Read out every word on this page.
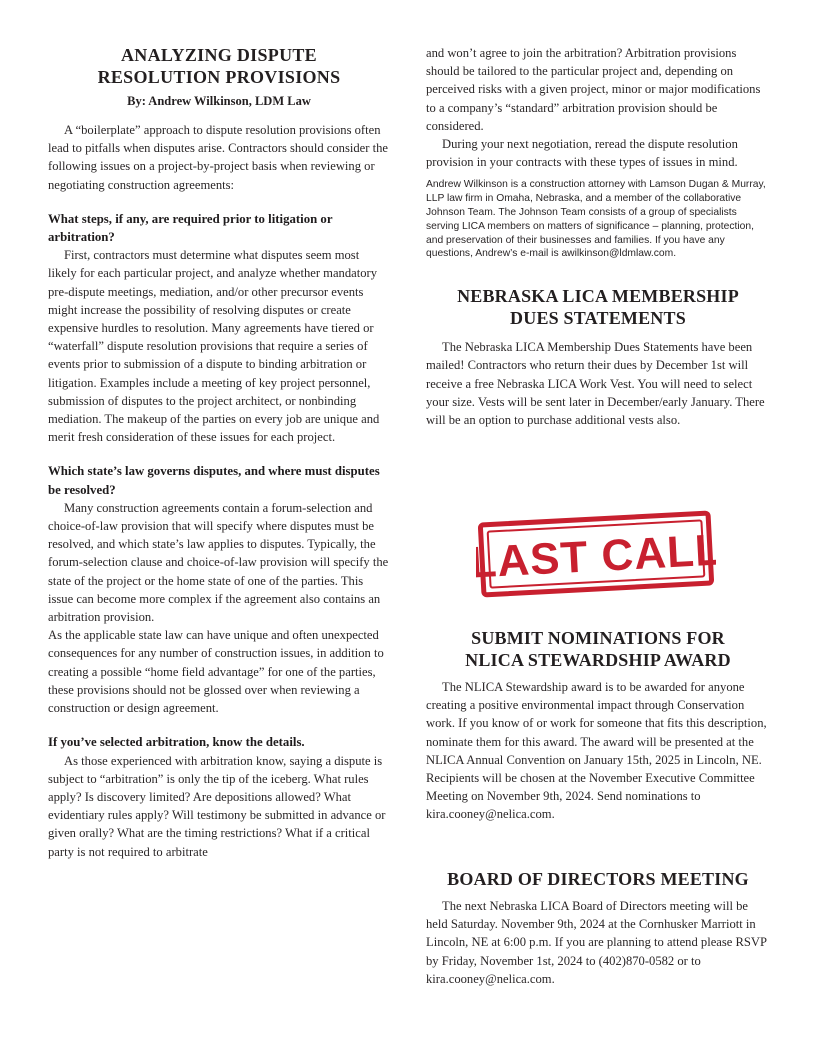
ANALYZING DISPUTE
RESOLUTION PROVISIONS
By: Andrew Wilkinson, LDM Law

A “boilerplate” approach to dispute resolution provisions often lead to pitfalls when disputes arise. Contractors should consider the following issues on a project-by-project basis when reviewing or negotiating construction agreements:

What steps, if any, are required prior to litigation or arbitration?

First, contractors must determine what disputes seem most likely for each particular project, and analyze whether mandatory pre-dispute meetings, mediation, and/or other precursor events might increase the possibility of resolving disputes or create expensive hurdles to resolution. Many agreements have tiered or “waterfall” dispute resolution provisions that require a series of events prior to submission of a dispute to binding arbitration or litigation. Examples include a meeting of key project personnel, submission of disputes to the project architect, or nonbinding mediation. The makeup of the parties on every job are unique and merit fresh consideration of these issues for each project.

Which state’s law governs disputes, and where must disputes be resolved?

Many construction agreements contain a forum-selection and choice-of-law provision that will specify where disputes must be resolved, and which state’s law applies to disputes. Typically, the forum-selection clause and choice-of-law provision will specify the state of the project or the home state of one of the parties. This issue can become more complex if the agreement also contains an arbitration provision.

As the applicable state law can have unique and often unexpected consequences for any number of construction issues, in addition to creating a possible “home field advantage” for one of the parties, these provisions should not be glossed over when reviewing a construction or design agreement.

If you’ve selected arbitration, know the details.

As those experienced with arbitration know, saying a dispute is subject to “arbitration” is only the tip of the iceberg. What rules apply? Is discovery limited? Are depositions allowed? What evidentiary rules apply? Will testimony be submitted in advance or given orally? What are the timing restrictions? What if a critical party is not required to arbitrate

and won’t agree to join the arbitration? Arbitration provisions should be tailored to the particular project and, depending on perceived risks with a given project, minor or major modifications to a company’s “standard” arbitration provision should be considered.

During your next negotiation, reread the dispute resolution provision in your contracts with these types of issues in mind.

Andrew Wilkinson is a construction attorney with Lamson Dugan & Murray, LLP law firm in Omaha, Nebraska, and a member of the collaborative Johnson Team. The Johnson Team consists of a group of specialists serving LICA members on matters of significance – planning, protection, and preservation of their businesses and families. If you have any questions, Andrew’s e-mail is awilkinson@ldmlaw.com.
NEBRASKA LICA MEMBERSHIP
DUES STATEMENTS

The Nebraska LICA Membership Dues Statements have been mailed! Contractors who return their dues by December 1st will receive a free Nebraska LICA Work Vest. You will need to select your size. Vests will be sent later in December/early January. There will be an option to purchase additional vests also.

LAST CALL
SUBMIT NOMINATIONS FOR
NLICA STEWARDSHIP AWARD

The NLICA Stewardship award is to be awarded for anyone creating a positive environmental impact through Conservation work. If you know of or work for someone that fits this description, nominate them for this award. The award will be presented at the NLICA Annual Convention on January 15th, 2025 in Lincoln, NE. Recipients will be chosen at the November Executive Committee Meeting on November 9th, 2024. Send nominations to kira.cooney@nelica.com.

BOARD OF DIRECTORS MEETING

The next Nebraska LICA Board of Directors meeting will be held Saturday. November 9th, 2024 at the Cornhusker Marriott in Lincoln, NE at 6:00 p.m. If you are planning to attend please RSVP by Friday, November 1st, 2024 to (402)870-0582 or to kira.cooney@nelica.com.
